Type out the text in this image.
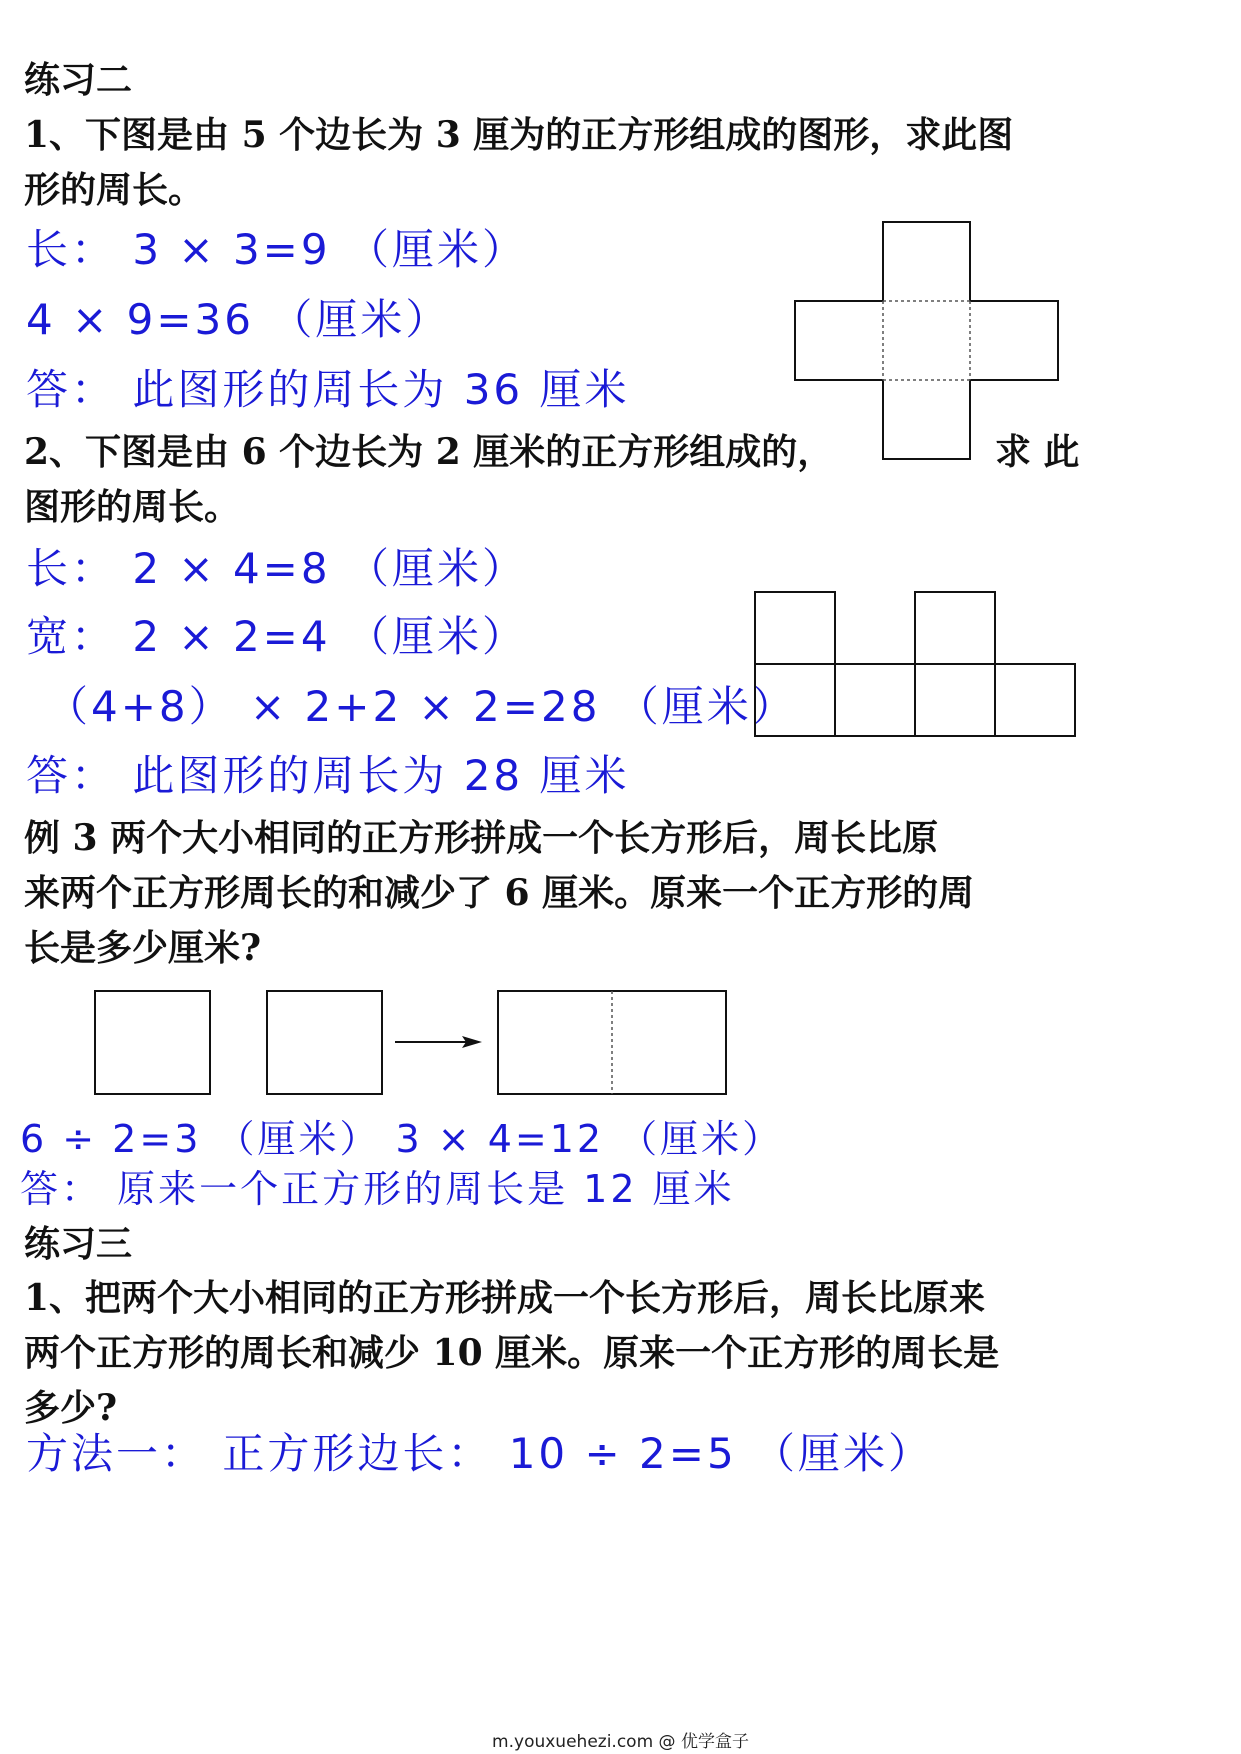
练习二

1、下图是由 5 个边长为 3 厘为的正方形组成的图形，求此图

形的周长。

长： 3 × 3=9 （厘米）

4 × 9=36 （厘米）

答： 此图形的周长为 36 厘米

2、下图是由 6 个边长为 2 厘米的正方形组成的，	求 此

图形的周长。

长： 2 × 4=8 （厘米）

宽： 2 × 2=4 （厘米）

（4+8） × 2+2 × 2=28 （厘米）

答： 此图形的周长为 28 厘米

例 3 两个大小相同的正方形拼成一个长方形后，周长比原

来两个正方形周长的和减少了 6 厘米。原来一个正方形的周

长是多少厘米?

6 ÷ 2=3 （厘米） 3 × 4=12 （厘米）

答： 原来一个正方形的周长是 12 厘米

练习三

1、把两个大小相同的正方形拼成一个长方形后，周长比原来

两个正方形的周长和减少 10 厘米。原来一个正方形的周长是

多少?

方法一： 正方形边长： 10 ÷ 2=5 （厘米）

m.youxuehezi.com @ 优学盒子
